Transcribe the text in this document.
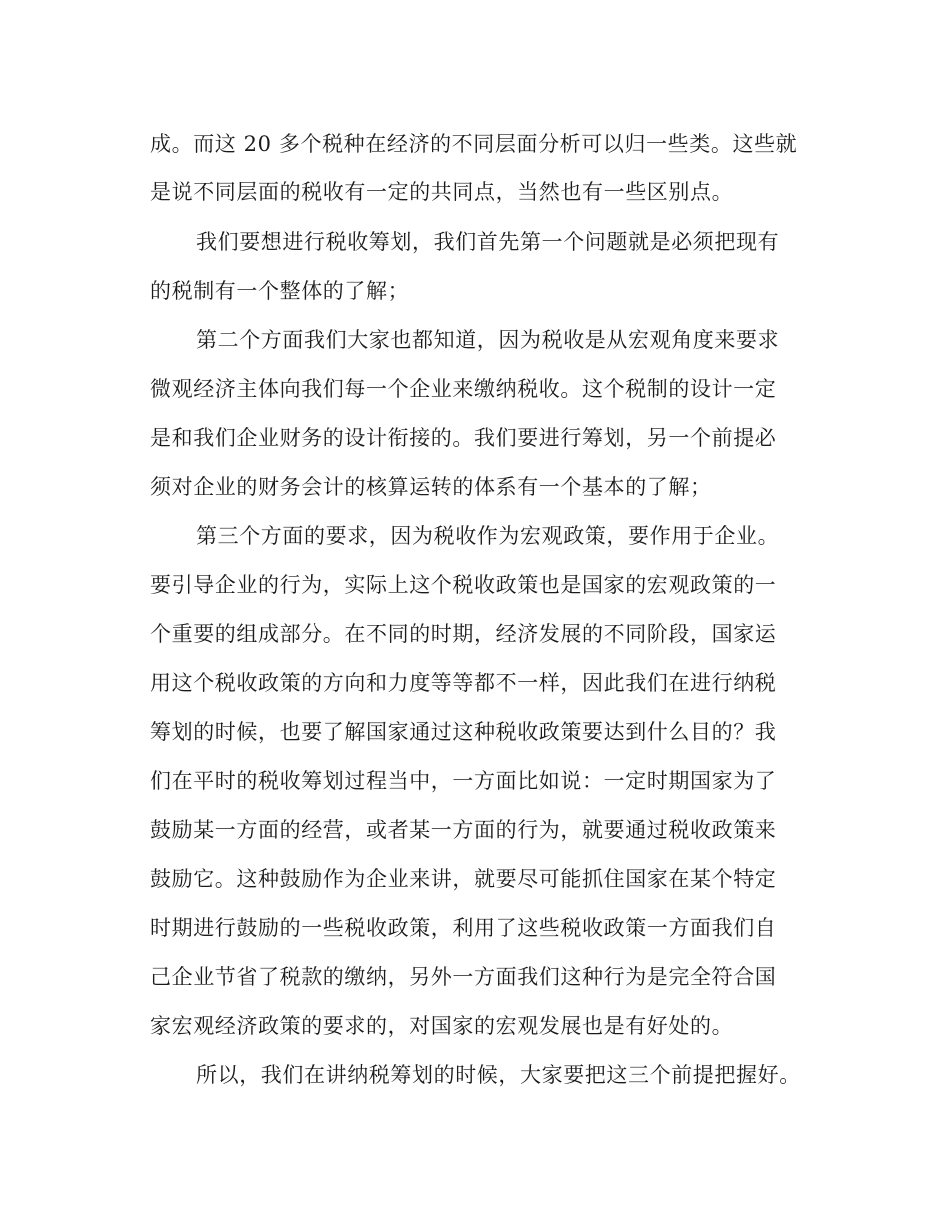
成。而这 20 多个税种在经济的不同层面分析可以归一些类。这些就
是说不同层面的税收有一定的共同点，当然也有一些区别点。
我们要想进行税收筹划，我们首先第一个问题就是必须把现有
的税制有一个整体的了解；
第二个方面我们大家也都知道，因为税收是从宏观角度来要求
微观经济主体向我们每一个企业来缴纳税收。这个税制的设计一定
是和我们企业财务的设计衔接的。我们要进行筹划，另一个前提必
须对企业的财务会计的核算运转的体系有一个基本的了解；
第三个方面的要求，因为税收作为宏观政策，要作用于企业。
要引导企业的行为，实际上这个税收政策也是国家的宏观政策的一
个重要的组成部分。在不同的时期，经济发展的不同阶段，国家运
用这个税收政策的方向和力度等等都不一样，因此我们在进行纳税
筹划的时候，也要了解国家通过这种税收政策要达到什么目的？我
们在平时的税收筹划过程当中，一方面比如说：一定时期国家为了
鼓励某一方面的经营，或者某一方面的行为，就要通过税收政策来
鼓励它。这种鼓励作为企业来讲，就要尽可能抓住国家在某个特定
时期进行鼓励的一些税收政策，利用了这些税收政策一方面我们自
己企业节省了税款的缴纳，另外一方面我们这种行为是完全符合国
家宏观经济政策的要求的，对国家的宏观发展也是有好处的。
所以，我们在讲纳税筹划的时候，大家要把这三个前提把握好。
